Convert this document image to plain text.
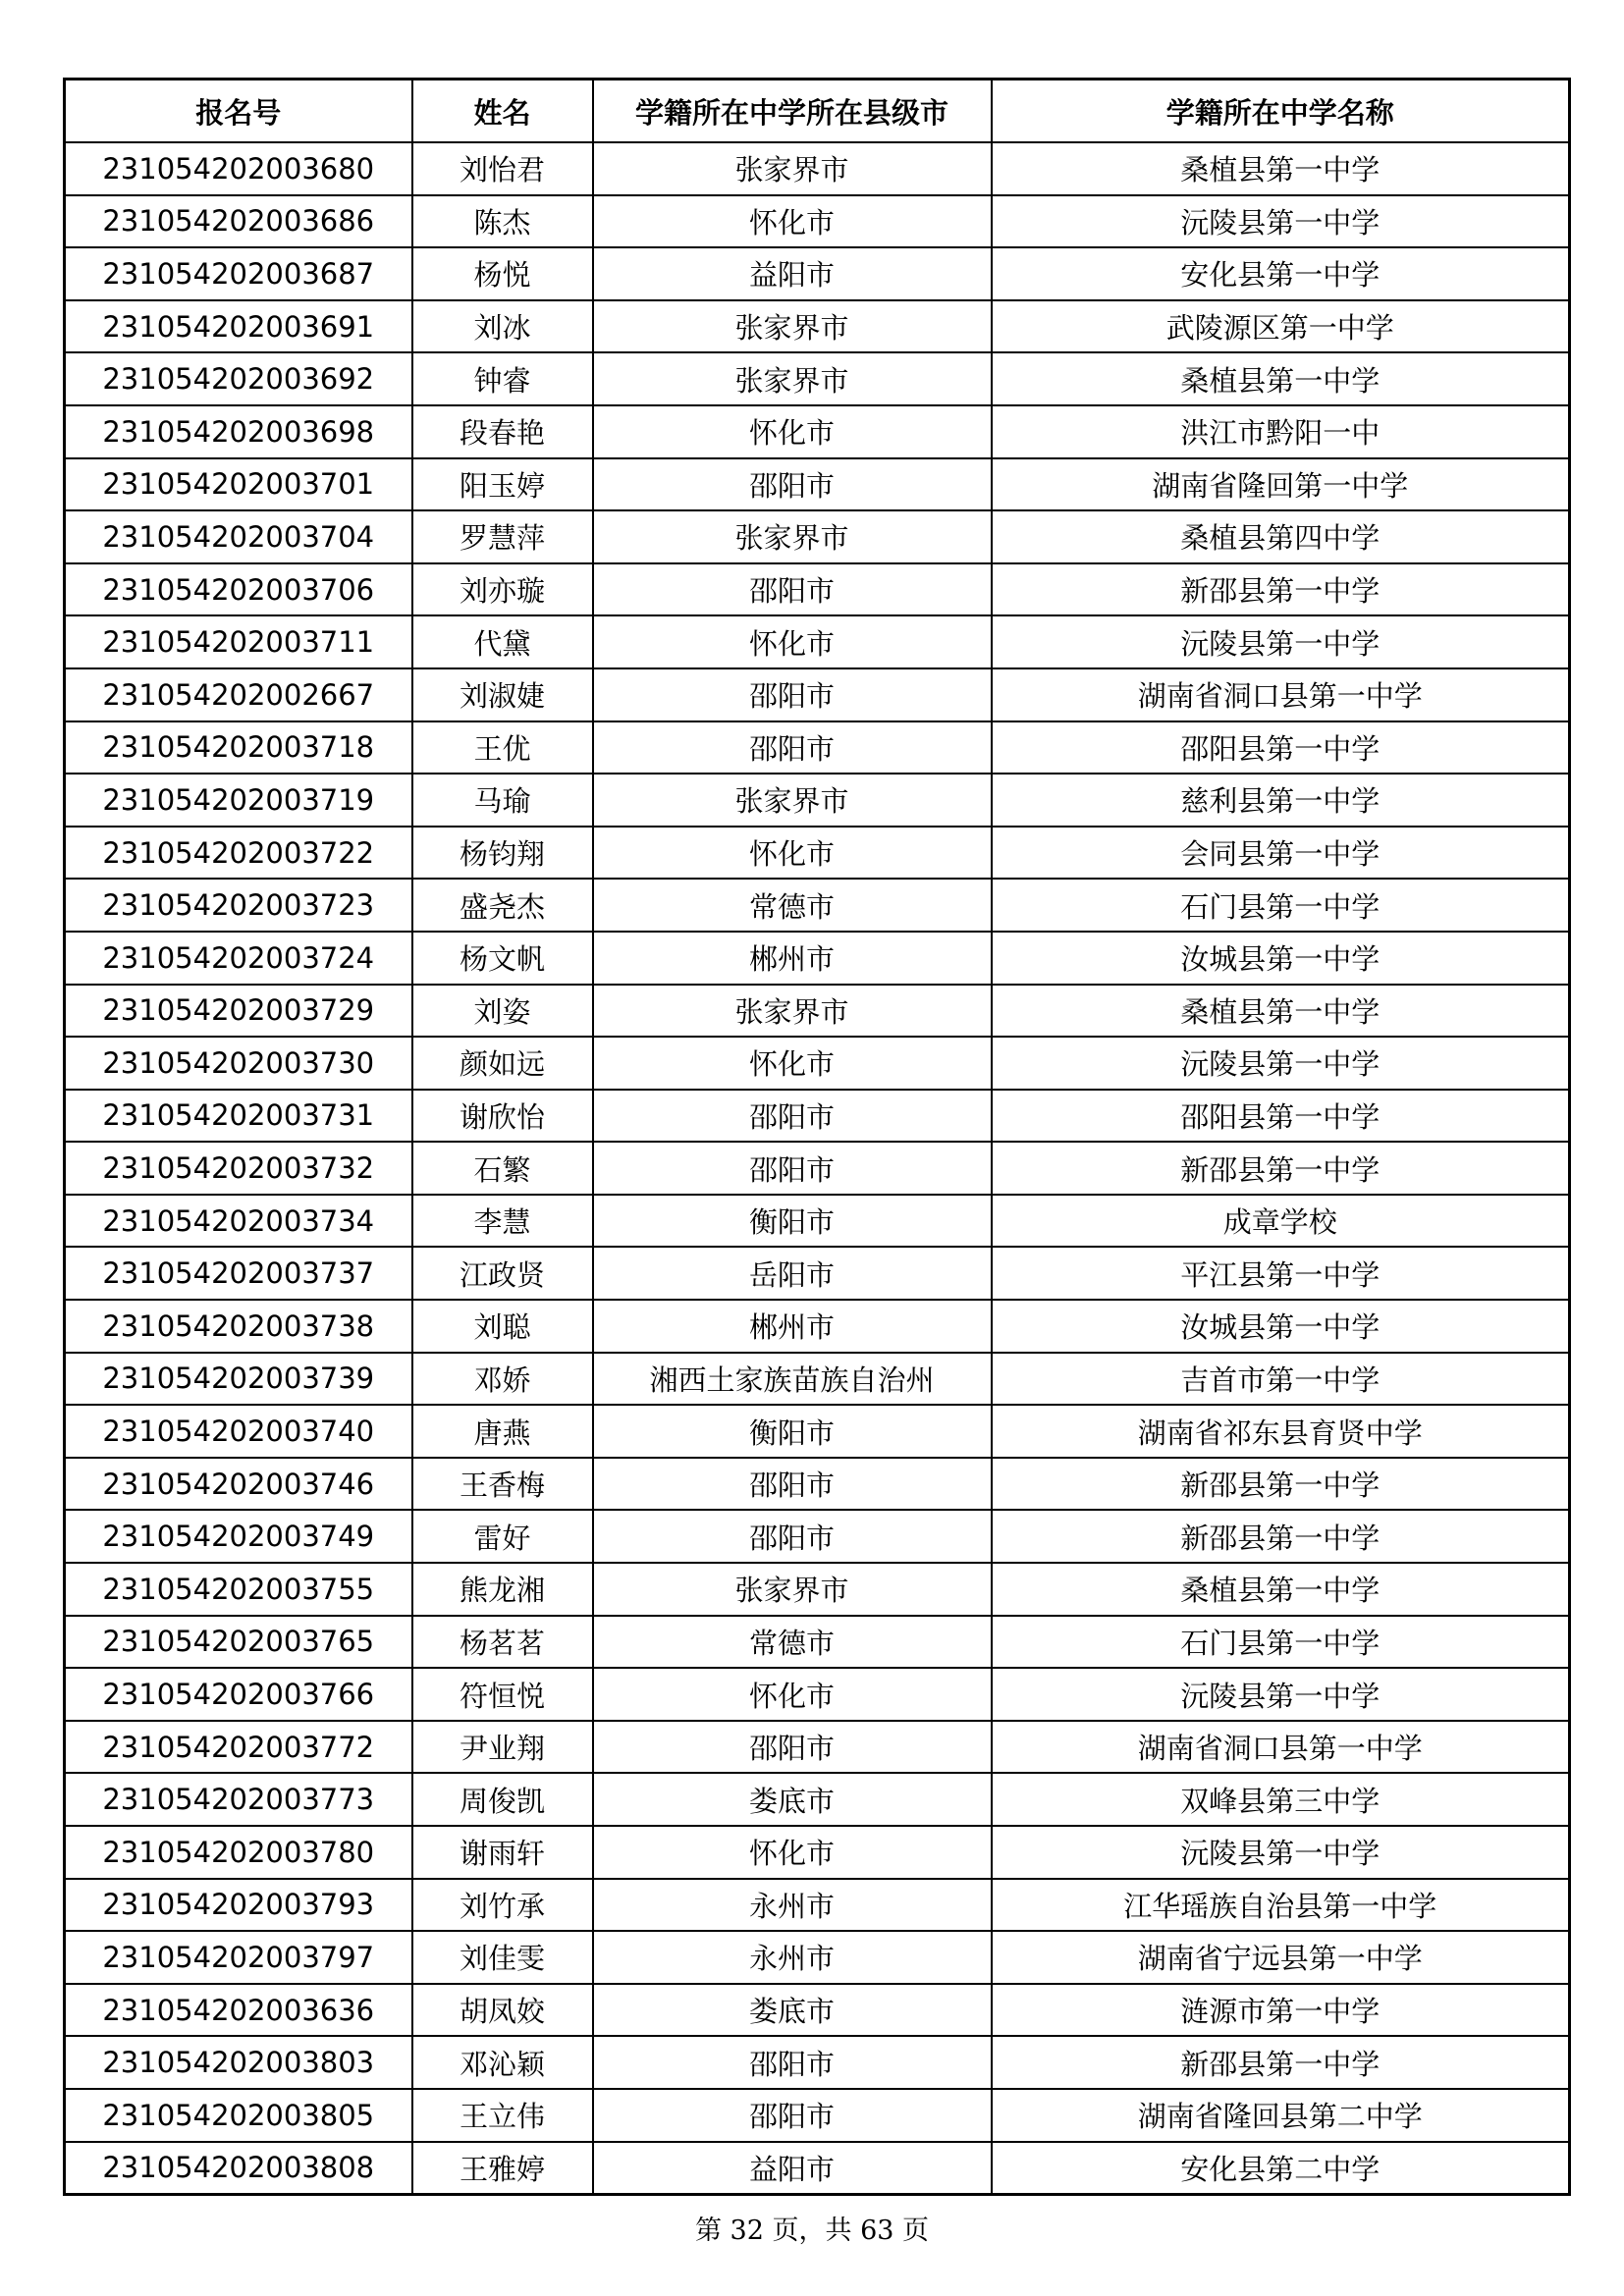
报名号	姓名	学籍所在中学所在县级市	学籍所在中学名称
231054202003680	刘怡君	张家界市	桑植县第一中学
231054202003686	陈杰	怀化市	沅陵县第一中学
231054202003687	杨悦	益阳市	安化县第一中学
231054202003691	刘冰	张家界市	武陵源区第一中学
231054202003692	钟睿	张家界市	桑植县第一中学
231054202003698	段春艳	怀化市	洪江市黔阳一中
231054202003701	阳玉婷	邵阳市	湖南省隆回第一中学
231054202003704	罗慧萍	张家界市	桑植县第四中学
231054202003706	刘亦璇	邵阳市	新邵县第一中学
231054202003711	代黛	怀化市	沅陵县第一中学
231054202002667	刘淑婕	邵阳市	湖南省洞口县第一中学
231054202003718	王优	邵阳市	邵阳县第一中学
231054202003719	马瑜	张家界市	慈利县第一中学
231054202003722	杨钧翔	怀化市	会同县第一中学
231054202003723	盛尧杰	常德市	石门县第一中学
231054202003724	杨文帆	郴州市	汝城县第一中学
231054202003729	刘姿	张家界市	桑植县第一中学
231054202003730	颜如远	怀化市	沅陵县第一中学
231054202003731	谢欣怡	邵阳市	邵阳县第一中学
231054202003732	石繁	邵阳市	新邵县第一中学
231054202003734	李慧	衡阳市	成章学校
231054202003737	江政贤	岳阳市	平江县第一中学
231054202003738	刘聪	郴州市	汝城县第一中学
231054202003739	邓娇	湘西土家族苗族自治州	吉首市第一中学
231054202003740	唐燕	衡阳市	湖南省祁东县育贤中学
231054202003746	王香梅	邵阳市	新邵县第一中学
231054202003749	雷好	邵阳市	新邵县第一中学
231054202003755	熊龙湘	张家界市	桑植县第一中学
231054202003765	杨茗茗	常德市	石门县第一中学
231054202003766	符恒悦	怀化市	沅陵县第一中学
231054202003772	尹业翔	邵阳市	湖南省洞口县第一中学
231054202003773	周俊凯	娄底市	双峰县第三中学
231054202003780	谢雨轩	怀化市	沅陵县第一中学
231054202003793	刘竹承	永州市	江华瑶族自治县第一中学
231054202003797	刘佳雯	永州市	湖南省宁远县第一中学
231054202003636	胡凤姣	娄底市	涟源市第一中学
231054202003803	邓沁颖	邵阳市	新邵县第一中学
231054202003805	王立伟	邵阳市	湖南省隆回县第二中学
231054202003808	王雅婷	益阳市	安化县第二中学
第 32 页，共 63 页
